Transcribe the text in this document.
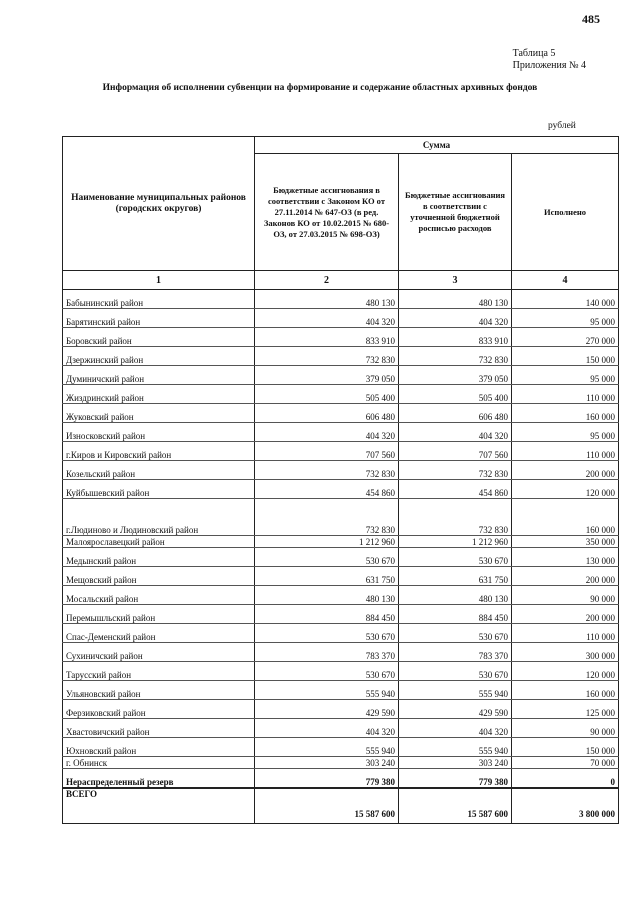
485
Таблица 5
Приложения № 4
Информация об исполнении субвенции на формирование и содержание областных архивных фондов
рублей
Наименование муниципальных районов (городских округов)	Сумма		
	Бюджетные ассигнования в соответствии с Законом КО от 27.11.2014 № 647-ОЗ (в ред. Законов КО от 10.02.2015 № 680-ОЗ, от 27.03.2015 № 698-ОЗ)	Бюджетные ассигнования в соответствии с уточненной бюджетной росписью расходов	Исполнено
1	2	3	4
Бабынинский район	480 130	480 130	140 000
Барятинский район	404 320	404 320	95 000
Боровский район	833 910	833 910	270 000
Дзержинский район	732 830	732 830	150 000
Думиничский район	379 050	379 050	95 000
Жиздринский район	505 400	505 400	110 000
Жуковский район	606 480	606 480	160 000
Износковский район	404 320	404 320	95 000
г.Киров и Кировский район	707 560	707 560	110 000
Козельский район	732 830	732 830	200 000
Куйбышевский район	454 860	454 860	120 000
г.Людиново и Людиновский район	732 830	732 830	160 000
Малоярославецкий район	1 212 960	1 212 960	350 000
Медынский район	530 670	530 670	130 000
Мещовский район	631 750	631 750	200 000
Мосальский район	480 130	480 130	90 000
Перемышльский район	884 450	884 450	200 000
Спас-Деменский район	530 670	530 670	110 000
Сухиничский район	783 370	783 370	300 000
Тарусский район	530 670	530 670	120 000
Ульяновский район	555 940	555 940	160 000
Ферзиковский район	429 590	429 590	125 000
Хвастовичский район	404 320	404 320	90 000
Юхновский район	555 940	555 940	150 000
г. Обнинск	303 240	303 240	70 000
Нераспределенный резерв	779 380	779 380	0
ВСЕГО	15 587 600	15 587 600	3 800 000
